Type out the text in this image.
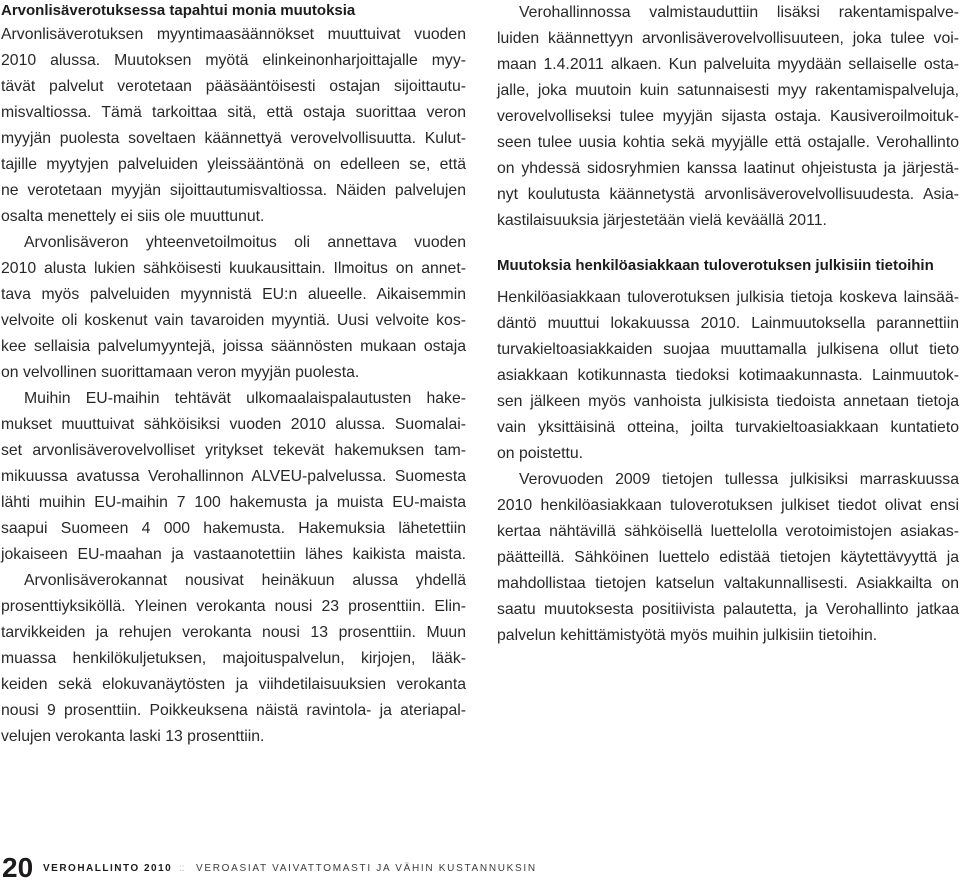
Arvonlisäverotuksessa tapahtui monia muutoksia
Arvonlisäverotuksen myyntimaasäännökset muuttuivat vuoden
2010 alussa. Muutoksen myötä elinkeinonharjoittajalle myy-
tävät palvelut verotetaan pääsääntöisesti ostajan sijoittautu-
misvaltiossa. Tämä tarkoittaa sitä, että ostaja suorittaa veron
myyjän puolesta soveltaen käännettyä verovelvollisuutta. Kulut-
tajille myytyjen palveluiden yleissääntönä on edelleen se, että
ne verotetaan myyjän sijoittautumisvaltiossa. Näiden palvelujen
osalta menettely ei siis ole muuttunut.
Arvonlisäveron yhteenvetoilmoitus oli annettava vuoden
2010 alusta lukien sähköisesti kuukausittain. Ilmoitus on annet-
tava myös palveluiden myynnistä EU:n alueelle. Aikaisemmin
velvoite oli koskenut vain tavaroiden myyntiä. Uusi velvoite kos-
kee sellaisia palvelumyyntejä, joissa säännösten mukaan ostaja
on velvollinen suorittamaan veron myyjän puolesta.
Muihin EU-maihin tehtävät ulkomaalaispalautusten hake-
mukset muuttuivat sähköisiksi vuoden 2010 alussa. Suomalai-
set arvonlisäverovelvolliset yritykset tekevät hakemuksen tam-
mikuussa avatussa Verohallinnon ALVEU-palvelussa. Suomesta
lähti muihin EU-maihin 7 100 hakemusta ja muista EU-maista
saapui Suomeen 4 000 hakemusta. Hakemuksia lähetettiin
jokaiseen EU-maahan ja vastaanotettiin lähes kaikista maista.
Arvonlisäverokannat nousivat heinäkuun alussa yhdellä
prosenttiyksiköllä. Yleinen verokanta nousi 23 prosenttiin. Elin-
tarvikkeiden ja rehujen verokanta nousi 13 prosenttiin. Muun
muassa henkilökuljetuksen, majoituspalvelun, kirjojen, lääk-
keiden sekä elokuvanäytösten ja viihdetilaisuuksien verokanta
nousi 9 prosenttiin. Poikkeuksena näistä ravintola- ja ateriapal-
velujen verokanta laski 13 prosenttiin.
Verohallinnossa valmistauduttiin lisäksi rakentamispalve-
luiden käännettyyn arvonlisäverovelvollisuuteen, joka tulee voi-
maan 1.4.2011 alkaen. Kun palveluita myydään sellaiselle osta-
jalle, joka muutoin kuin satunnaisesti myy rakentamispalveluja,
verovelvolliseksi tulee myyjän sijasta ostaja. Kausiveroilmoituk-
seen tulee uusia kohtia sekä myyjälle että ostajalle. Verohallinto
on yhdessä sidosryhmien kanssa laatinut ohjeistusta ja järjestä-
nyt koulutusta käännetystä arvonlisäverovelvollisuudesta. Asia-
kastilaisuuksia järjestetään vielä keväällä 2011.
Muutoksia henkilöasiakkaan tuloverotuksen julkisiin tietoihin
Henkilöasiakkaan tuloverotuksen julkisia tietoja koskeva lainsää-
däntö muuttui lokakuussa 2010. Lainmuutoksella parannettiin
turvakieltoasiakkaiden suojaa muuttamalla julkisena ollut tieto
asiakkaan kotikunnasta tiedoksi kotimaakunnasta. Lainmuutok-
sen jälkeen myös vanhoista julkisista tiedoista annetaan tietoja
vain yksittäisinä otteina, joilta turvakieltoasiakkaan kuntatieto
on poistettu.
Verovuoden 2009 tietojen tullessa julkisiksi marraskuussa
2010 henkilöasiakkaan tuloverotuksen julkiset tiedot olivat ensi
kertaa nähtävillä sähköisellä luettelolla verotoimistojen asiakas-
päätteillä. Sähköinen luettelo edistää tietojen käytettävyyttä ja
mahdollistaa tietojen katselun valtakunnallisesti. Asiakkailta on
saatu muutoksesta positiivista palautetta, ja Verohallinto jatkaa
palvelun kehittämistyötä myös muihin julkisiin tietoihin.
20 VEROHALLINTO 2010 :: VEROASIAT VAIVATTOMASTI JA VÄHIN KUSTANNUKSIN
